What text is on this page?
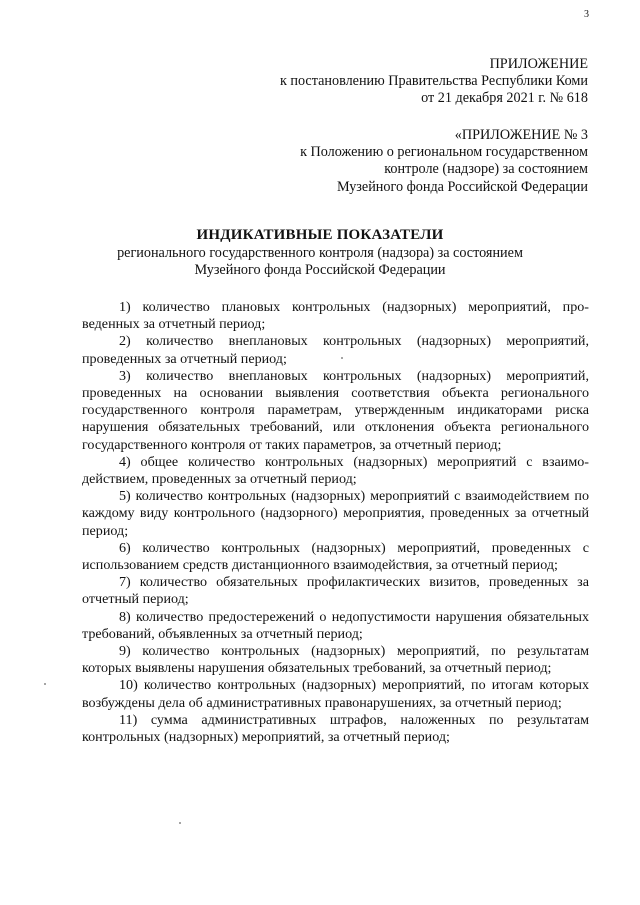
3
ПРИЛОЖЕНИЕ
к постановлению Правительства Республики Коми
от 21 декабря 2021 г. № 618
«ПРИЛОЖЕНИЕ № 3
к Положению о региональном государственном
контроле (надзоре) за состоянием
Музейного фонда Российской Федерации
ИНДИКАТИВНЫЕ ПОКАЗАТЕЛИ
регионального государственного контроля (надзора) за состоянием
Музейного фонда Российской Федерации

1) количество плановых контрольных (надзорных) мероприятий, проведенных за отчетный период;

2) количество внеплановых контрольных (надзорных) мероприятий, проведенных за отчетный период;

3) количество внеплановых контрольных (надзорных) мероприятий, проведенных на основании выявления соответствия объекта регионального государственного контроля параметрам, утвержденным индикаторами риска нарушения обязательных требований, или отклонения объекта регионального государственного контроля от таких параметров, за отчетный период;

4) общее количество контрольных (надзорных) мероприятий с взаимодействием, проведенных за отчетный период;

5) количество контрольных (надзорных) мероприятий с взаимодействием по каждому виду контрольного (надзорного) мероприятия, проведенных за отчетный период;

6) количество контрольных (надзорных) мероприятий, проведенных с использованием средств дистанционного взаимодействия, за отчетный период;

7) количество обязательных профилактических визитов, проведенных за отчетный период;

8) количество предостережений о недопустимости нарушения обязательных требований, объявленных за отчетный период;

9) количество контрольных (надзорных) мероприятий, по результатам которых выявлены нарушения обязательных требований, за отчетный период;

10) количество контрольных (надзорных) мероприятий, по итогам которых возбуждены дела об административных правонарушениях, за отчетный период;

11) сумма административных штрафов, наложенных по результатам контрольных (надзорных) мероприятий, за отчетный период;
